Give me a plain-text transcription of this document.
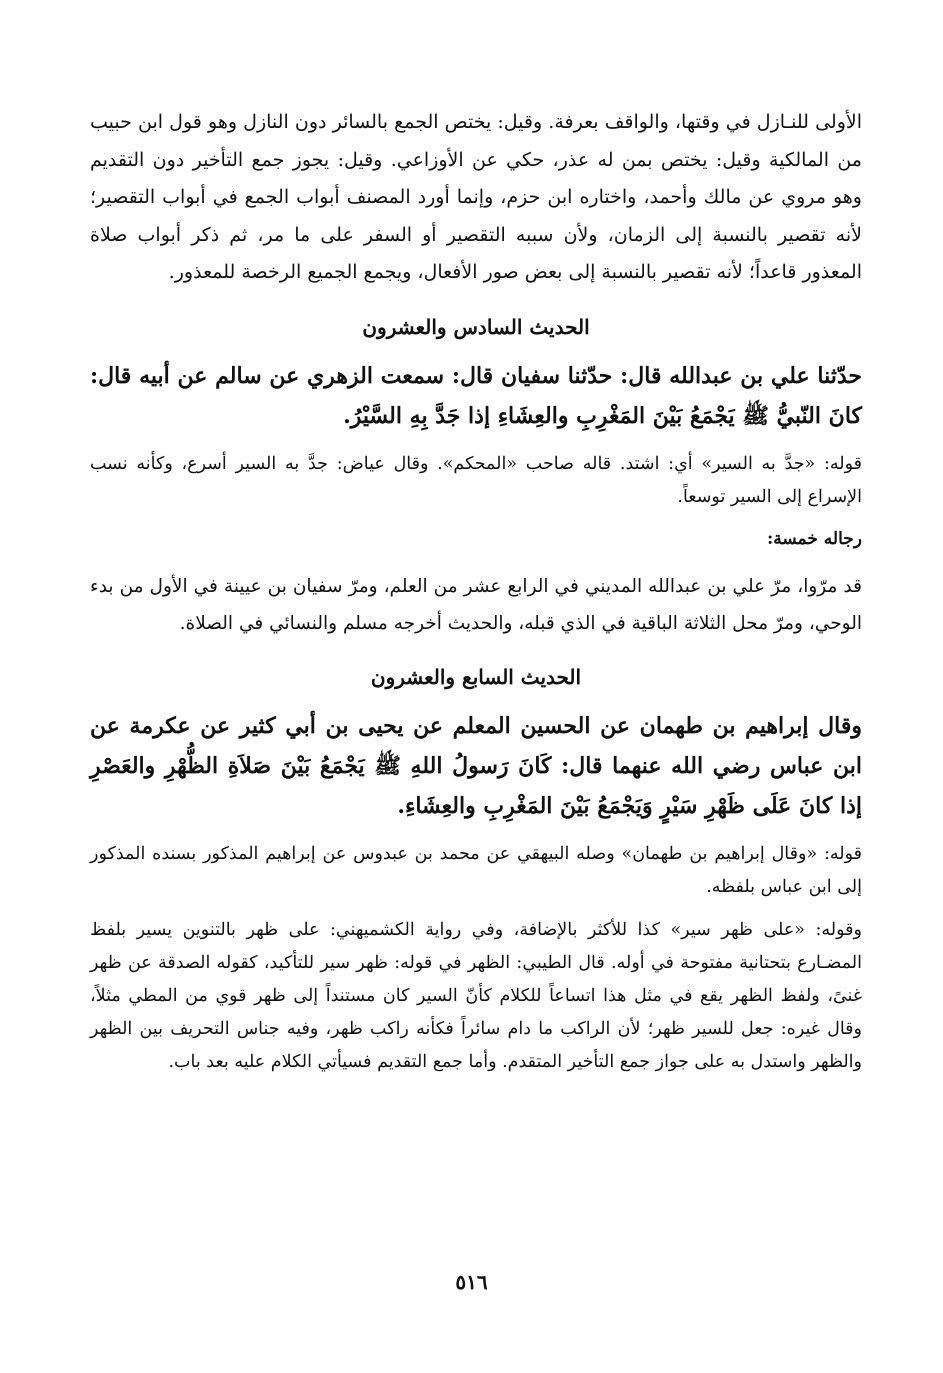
الأولى للنـازل في وقتها، والواقف بعرفة. وقيل: يختص الجمع بالسائر دون النازل وهو قول ابن حبيب من المالكية وقيل: يختص بمن له عذر، حكي عن الأوزاعي. وقيل: يجوز جمع التأخير دون التقديم وهو مروي عن مالك وأحمد، واختاره ابن حزم، وإنما أورد المصنف أبواب الجمع في أبواب التقصير؛ لأنه تقصير بالنسبة إلى الزمان، ولأن سببه التقصير أو السفر على ما مر، ثم ذكر أبواب صلاة المعذور قاعداً؛ لأنه تقصير بالنسبة إلى بعض صور الأفعال، ويجمع الجميع الرخصة للمعذور.

الحديث السادس والعشرون

حدّثنا علي بن عبدالله قال: حدّثنا سفيان قال: سمعت الزهري عن سالم عن أبيه قال: كانَ النّبيُّ ﷺ يَجْمَعُ بَيْنَ المَغْرِبِ والعِشَاءِ إذا جَدَّ بِهِ السَّيْرُ.

قوله: «جدَّ به السير» أي: اشتد. قاله صاحب «المحكم». وقال عياض: جدَّ به السير أسرع، وكأنه نسب الإسراع إلى السير توسعاً.

رجاله خمسة:

قد مرّوا، مرّ علي بن عبدالله المديني في الرابع عشر من العلم، ومرّ سفيان بن عيينة في الأول من بدء الوحي، ومرّ محل الثلاثة الباقية في الذي قبله، والحديث أخرجه مسلم والنسائي في الصلاة.

الحديث السابع والعشرون

وقال إبراهيم بن طهمان عن الحسين المعلم عن يحيى بن أبي كثير عن عكرمة عن ابن عباس رضي الله عنهما قال: كَانَ رَسولُ اللهِ ﷺ يَجْمَعُ بَيْنَ صَلاَةِ الظُّهْرِ والعَصْرِ إذا كانَ عَلَى ظَهْرِ سَيْرٍ وَيَجْمَعُ بَيْنَ المَغْرِبِ والعِشَاءِ.

قوله: «وقال إبراهيم بن طهمان» وصله البيهقي عن محمد بن عبدوس عن إبراهيم المذكور بسنده المذكور إلى ابن عباس بلفظه.

وقوله: «على ظهر سير» كذا للأكثر بالإضافة، وفي رواية الكشميهني: على ظهر بالتنوين يسير بلفظ المضـارع بتحتانية مفتوحة في أوله. قال الطيبي: الظهر في قوله: ظهر سير للتأكيد، كقوله الصدقة عن ظهر غنىً، ولفظ الظهر يقع في مثل هذا اتساعاً للكلام كأنّ السير كان مستنداً إلى ظهر قوي من المطي مثلاً، وقال غيره: جعل للسير ظهر؛ لأن الراكب ما دام سائراً فكأنه راكب ظهر، وفيه جناس التحريف بين الظهر والظهر واستدل به على جواز جمع التأخير المتقدم. وأما جمع التقديم فسيأتي الكلام عليه بعد باب.

٥١٦
